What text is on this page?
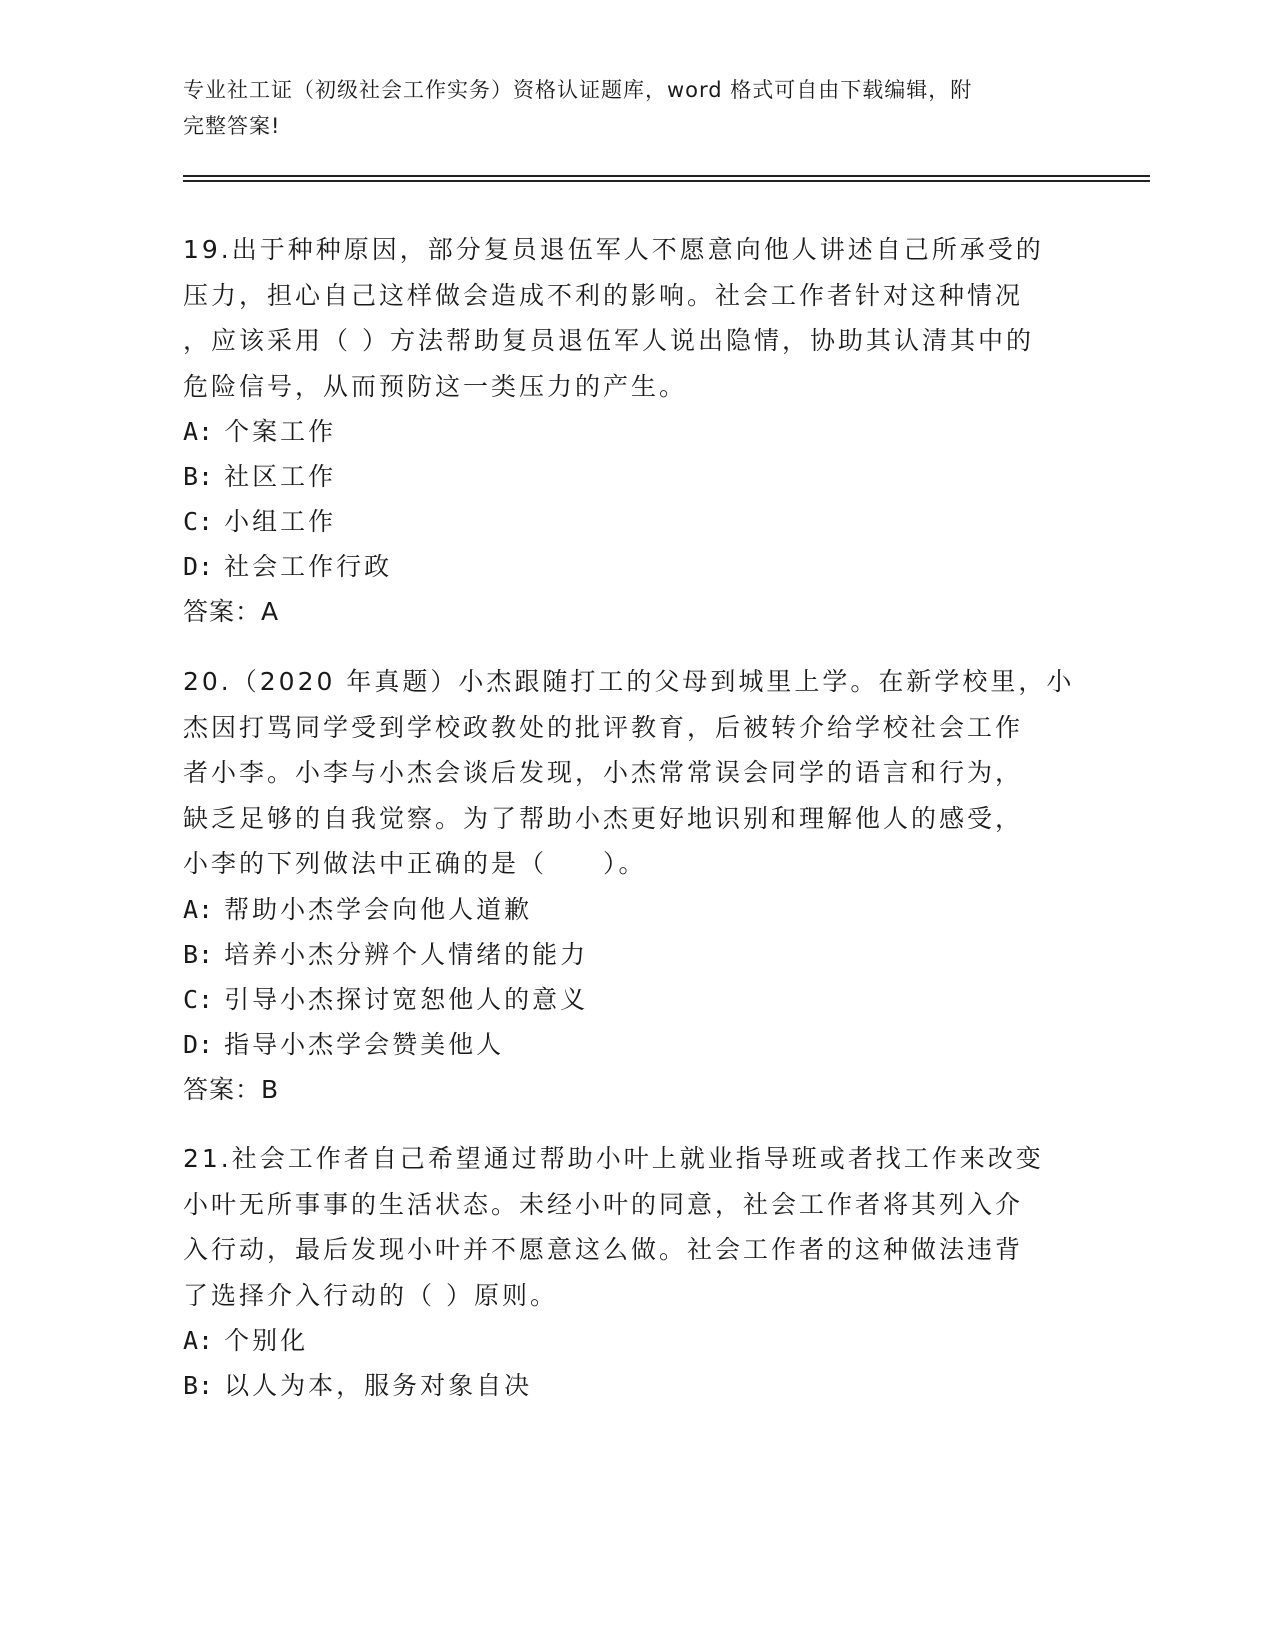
专业社工证（初级社会工作实务）资格认证题库，word 格式可自由下载编辑，附
完整答案!
19.出于种种原因，部分复员退伍军人不愿意向他人讲述自己所承受的
压力，担心自己这样做会造成不利的影响。社会工作者针对这种情况
，应该采用（ ）方法帮助复员退伍军人说出隐情，协助其认清其中的
危险信号，从而预防这一类压力的产生。
A: 个案工作
B: 社区工作
C: 小组工作
D: 社会工作行政
答案：A
20.（2020 年真题）小杰跟随打工的父母到城里上学。在新学校里，小
杰因打骂同学受到学校政教处的批评教育，后被转介给学校社会工作
者小李。小李与小杰会谈后发现，小杰常常误会同学的语言和行为，
缺乏足够的自我觉察。为了帮助小杰更好地识别和理解他人的感受，
小李的下列做法中正确的是（　　）。
A: 帮助小杰学会向他人道歉
B: 培养小杰分辨个人情绪的能力
C: 引导小杰探讨宽恕他人的意义
D: 指导小杰学会赞美他人
答案：B
21.社会工作者自己希望通过帮助小叶上就业指导班或者找工作来改变
小叶无所事事的生活状态。未经小叶的同意，社会工作者将其列入介
入行动，最后发现小叶并不愿意这么做。社会工作者的这种做法违背
了选择介入行动的（ ）原则。
A: 个别化
B: 以人为本，服务对象自决
